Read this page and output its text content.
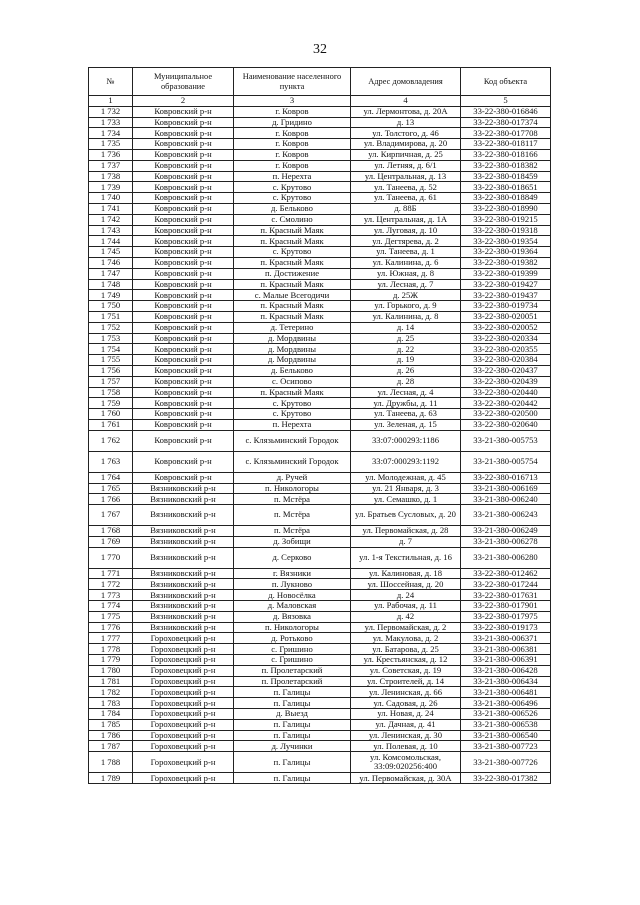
32
№	Муниципальное образование	Наименование населенного пункта	Адрес домовладения	Код объекта
1	2	3	4	5
1 732	Ковровский р-н	г. Ковров	ул. Лермонтова, д. 20А	33-22-380-016846
1 733	Ковровский р-н	д. Гридино	д. 13	33-22-380-017374
1 734	Ковровский р-н	г. Ковров	ул. Толстого, д. 46	33-22-380-017708
1 735	Ковровский р-н	г. Ковров	ул. Владимирова, д. 20	33-22-380-018117
1 736	Ковровский р-н	г. Ковров	ул. Кирпичная, д. 25	33-22-380-018166
1 737	Ковровский р-н	г. Ковров	ул. Летняя, д. 6/1	33-22-380-018382
1 738	Ковровский р-н	п. Нерехта	ул. Центральная, д. 13	33-22-380-018459
1 739	Ковровский р-н	с. Крутово	ул. Танеева, д. 52	33-22-380-018651
1 740	Ковровский р-н	с. Крутово	ул. Танеева, д. 61	33-22-380-018849
1 741	Ковровский р-н	д. Бельково	д. 88Б	33-22-380-018990
1 742	Ковровский р-н	с. Смолино	ул. Центральная, д. 1А	33-22-380-019215
1 743	Ковровский р-н	п. Красный Маяк	ул. Луговая, д. 10	33-22-380-019318
1 744	Ковровский р-н	п. Красный Маяк	ул. Дегтярева, д. 2	33-22-380-019354
1 745	Ковровский р-н	с. Крутово	ул. Танеева, д. 1	33-22-380-019364
1 746	Ковровский р-н	п. Красный Маяк	ул. Калинина, д. 6	33-22-380-019382
1 747	Ковровский р-н	п. Достижение	ул. Южная, д. 8	33-22-380-019399
1 748	Ковровский р-н	п. Красный Маяк	ул. Лесная, д. 7	33-22-380-019427
1 749	Ковровский р-н	с. Малые Всегодичи	д. 25Ж	33-22-380-019437
1 750	Ковровский р-н	п. Красный Маяк	ул. Горького, д. 9	33-22-380-019734
1 751	Ковровский р-н	п. Красный Маяк	ул. Калинина, д. 8	33-22-380-020051
1 752	Ковровский р-н	д. Тетерино	д. 14	33-22-380-020052
1 753	Ковровский р-н	д. Мордвины	д. 25	33-22-380-020334
1 754	Ковровский р-н	д. Мордвины	д. 22	33-22-380-020355
1 755	Ковровский р-н	д. Мордвины	д. 19	33-22-380-020384
1 756	Ковровский р-н	д. Бельково	д. 26	33-22-380-020437
1 757	Ковровский р-н	с. Осипово	д. 28	33-22-380-020439
1 758	Ковровский р-н	п. Красный Маяк	ул. Лесная, д. 4	33-22-380-020440
1 759	Ковровский р-н	с. Крутово	ул. Дружбы, д. 11	33-22-380-020442
1 760	Ковровский р-н	с. Крутово	ул. Танеева, д. 63	33-22-380-020500
1 761	Ковровский р-н	п. Нерехта	ул. Зеленая, д. 15	33-22-380-020640
1 762	Ковровский р-н	с. Клязьминский Городок	33:07:000293:1186	33-21-380-005753
1 763	Ковровский р-н	с. Клязьминский Городок	33:07:000293:1192	33-21-380-005754
1 764	Ковровский р-н	д. Ручей	ул. Молодежная, д. 45	33-22-380-016713
1 765	Вязниковский р-н	п. Никологоры	ул. 21 Января, д. 3	33-21-380-006169
1 766	Вязниковский р-н	п. Мстёра	ул. Семашко, д. 1	33-21-380-006240
1 767	Вязниковский р-н	п. Мстёра	ул. Братьев Сусловых, д. 20	33-21-380-006243
1 768	Вязниковский р-н	п. Мстёра	ул. Первомайская, д. 28	33-21-380-006249
1 769	Вязниковский р-н	д. Зобищи	д. 7	33-21-380-006278
1 770	Вязниковский р-н	д. Серково	ул. 1-я Текстильная, д. 16	33-21-380-006280
1 771	Вязниковский р-н	г. Вязники	ул. Калиновая, д. 18	33-22-380-012462
1 772	Вязниковский р-н	п. Лукново	ул. Шоссейная, д. 20	33-22-380-017244
1 773	Вязниковский р-н	д. Новосёлка	д. 24	33-22-380-017631
1 774	Вязниковский р-н	д. Маловская	ул. Рабочая, д. 11	33-22-380-017901
1 775	Вязниковский р-н	д. Вязовка	д. 42	33-22-380-017975
1 776	Вязниковский р-н	п. Никологоры	ул. Первомайская, д. 2	33-22-380-019173
1 777	Гороховецкий р-н	д. Ротьково	ул. Макулова, д. 2	33-21-380-006371
1 778	Гороховецкий р-н	с. Гришино	ул. Батарова, д. 25	33-21-380-006381
1 779	Гороховецкий р-н	с. Гришино	ул. Крестьянская, д. 12	33-21-380-006391
1 780	Гороховецкий р-н	п. Пролетарский	ул. Советская, д. 19	33-21-380-006428
1 781	Гороховецкий р-н	п. Пролетарский	ул. Строителей, д. 14	33-21-380-006434
1 782	Гороховецкий р-н	п. Галицы	ул. Ленинская, д. 66	33-21-380-006481
1 783	Гороховецкий р-н	п. Галицы	ул. Садовая, д. 26	33-21-380-006496
1 784	Гороховецкий р-н	д. Выезд	ул. Новая, д. 24	33-21-380-006526
1 785	Гороховецкий р-н	п. Галицы	ул. Дачная, д. 41	33-21-380-006538
1 786	Гороховецкий р-н	п. Галицы	ул. Ленинская, д. 30	33-21-380-006540
1 787	Гороховецкий р-н	д. Лучинки	ул. Полевая, д. 10	33-21-380-007723
1 788	Гороховецкий р-н	п. Галицы	ул. Комсомольская, 33:09:020256:400	33-21-380-007726
1 789	Гороховецкий р-н	п. Галицы	ул. Первомайская, д. 30А	33-22-380-017382
